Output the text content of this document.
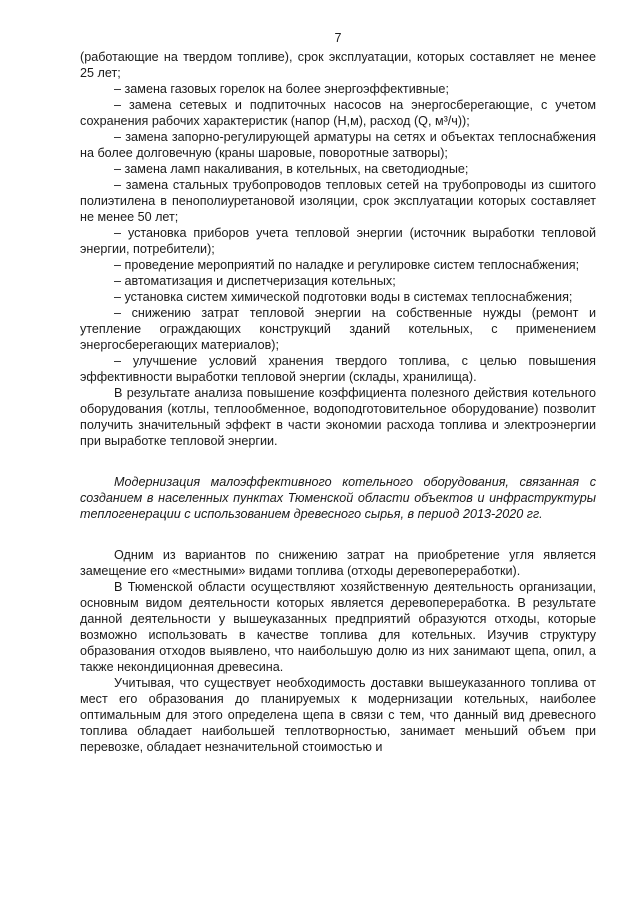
7

(работающие на твердом топливе), срок эксплуатации, которых составляет не менее 25 лет;

– замена газовых горелок на более энергоэффективные;

– замена сетевых и подпиточных насосов на энергосберегающие, с учетом сохранения рабочих характеристик (напор (Н,м), расход (Q, м³/ч));

– замена запорно-регулирующей арматуры на сетях и объектах теплоснабжения на более долговечную (краны шаровые, поворотные затворы);

– замена ламп накаливания, в котельных, на светодиодные;

– замена стальных трубопроводов тепловых сетей на трубопроводы из сшитого полиэтилена в пенополиуретановой изоляции, срок эксплуатации которых составляет не менее 50 лет;

– установка приборов учета тепловой энергии (источник выработки тепловой энергии, потребители);

– проведение мероприятий по наладке и регулировке систем теплоснабжения;

– автоматизация и диспетчеризация котельных;

– установка систем химической подготовки воды в системах теплоснабжения;

– снижению затрат тепловой энергии на собственные нужды (ремонт и утепление ограждающих конструкций зданий котельных, с применением энергосберегающих материалов);

– улучшение условий хранения твердого топлива, с целью повышения эффективности выработки тепловой энергии (склады, хранилища).

В результате анализа повышение коэффициента полезного действия котельного оборудования (котлы, теплообменное, водоподготовительное оборудование) позволит получить значительный эффект в части экономии расхода топлива и электроэнергии при выработке тепловой энергии.

Модернизация малоэффективного котельного оборудования, связанная с созданием в населенных пунктах Тюменской области объектов и инфраструктуры теплогенерации с использованием древесного сырья, в период 2013-2020 гг.

Одним из вариантов по снижению затрат на приобретение угля является замещение его «местными» видами топлива (отходы деревопереработки).

В Тюменской области осуществляют хозяйственную деятельность организации, основным видом деятельности которых является деревопереработка. В результате данной деятельности у вышеуказанных предприятий образуются отходы, которые возможно использовать в качестве топлива для котельных. Изучив структуру образования отходов выявлено, что наибольшую долю из них занимают щепа, опил, а также некондиционная древесина.

Учитывая, что существует необходимость доставки вышеуказанного топлива от мест его образования до планируемых к модернизации котельных, наиболее оптимальным для этого определена щепа в связи с тем, что данный вид древесного топлива обладает наибольшей теплотворностью, занимает меньший объем при перевозке, обладает незначительной стоимостью и
